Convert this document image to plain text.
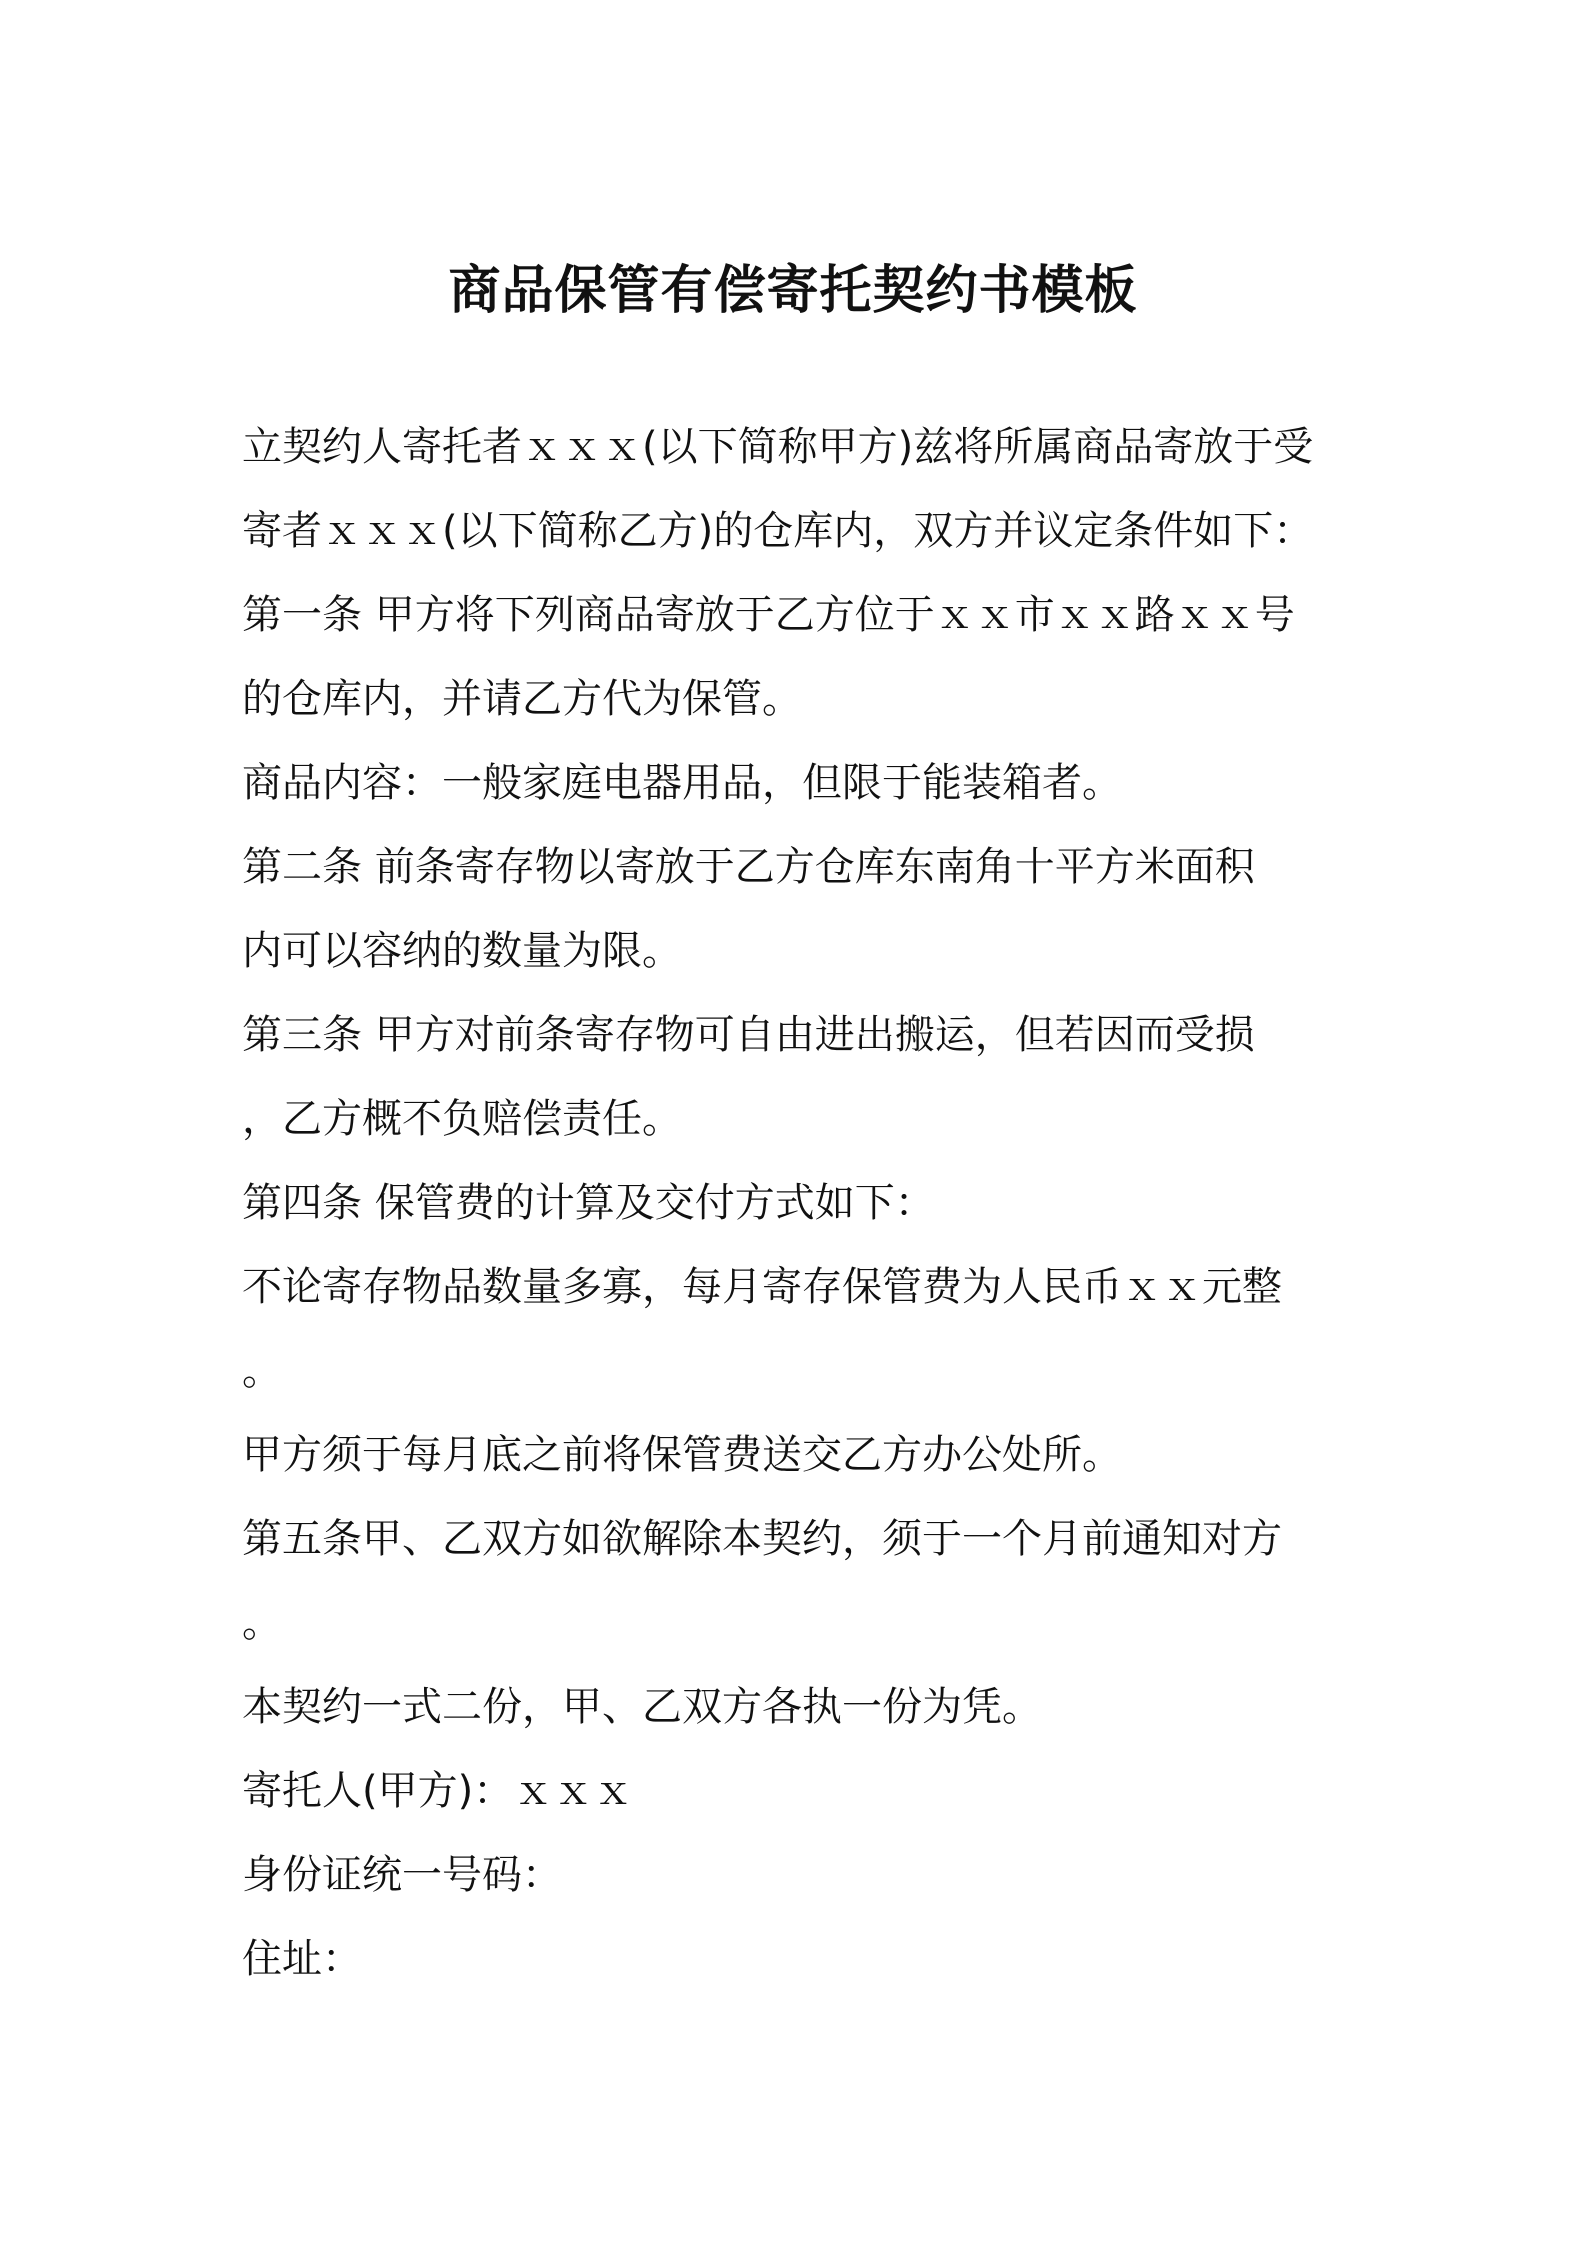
商品保管有偿寄托契约书模板
立契约人寄托者ｘｘｘ(以下简称甲方)兹将所属商品寄放于受
寄者ｘｘｘ(以下简称乙方)的仓库内，双方并议定条件如下：
第一条 甲方将下列商品寄放于乙方位于ｘｘ市ｘｘ路ｘｘ号
的仓库内，并请乙方代为保管。
商品内容：一般家庭电器用品，但限于能装箱者。
第二条 前条寄存物以寄放于乙方仓库东南角十平方米面积
内可以容纳的数量为限。
第三条 甲方对前条寄存物可自由进出搬运，但若因而受损
，乙方概不负赔偿责任。
第四条 保管费的计算及交付方式如下：
不论寄存物品数量多寡，每月寄存保管费为人民币ｘｘ元整
。
甲方须于每月底之前将保管费送交乙方办公处所。
第五条甲、乙双方如欲解除本契约，须于一个月前通知对方
。
本契约一式二份，甲、乙双方各执一份为凭。
寄托人(甲方)：ｘｘｘ
身份证统一号码：
住址：
